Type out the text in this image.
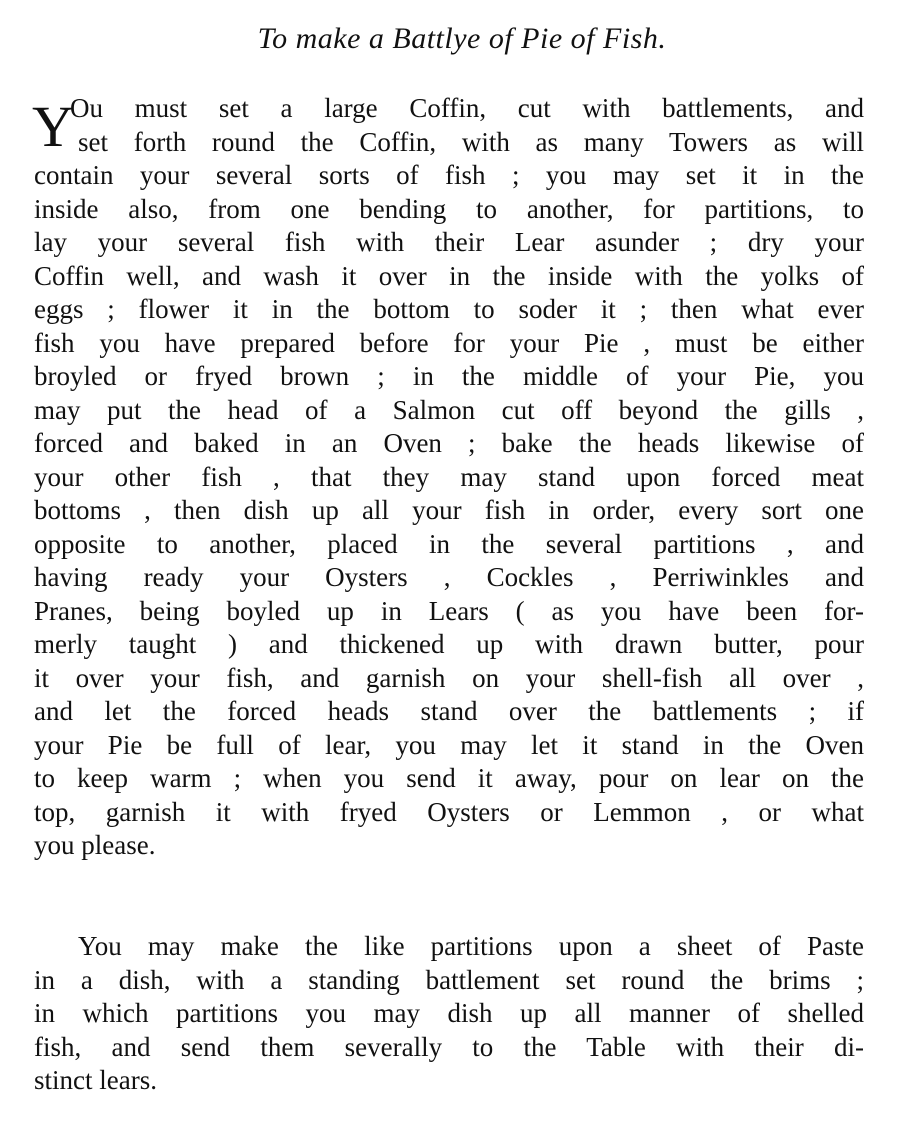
To make a Battlye of Pie of Fish.
Y
Ou must set a large Coffin, cut with battlements, and
set forth round the Coffin, with as many Towers as will
contain your several sorts of fish ; you may set it in the
inside also, from one bending to another, for partitions, to
lay your several fish with their Lear asunder ; dry your
Coffin well, and wash it over in the inside with the yolks of
eggs ; flower it in the bottom to soder it ; then what ever
fish you have prepared before for your Pie , must be either
broyled or fryed brown ; in the middle of your Pie, you
may put the head of a Salmon cut off beyond the gills ,
forced and baked in an Oven ; bake the heads likewise of
your other fish , that they may stand upon forced meat
bottoms , then dish up all your fish in order, every sort one
opposite to another, placed in the several partitions , and
having ready your Oysters , Cockles , Perriwinkles and
Pranes, being boyled up in Lears ( as you have been for-
merly taught ) and thickened up with drawn butter, pour
it over your fish, and garnish on your shell-fish all over ,
and let the forced heads stand over the battlements ; if
your Pie be full of lear, you may let it stand in the Oven
to keep warm ; when you send it away, pour on lear on the
top, garnish it with fryed Oysters or Lemmon , or what
you please.
You may make the like partitions upon a sheet of Paste
in a dish, with a standing battlement set round the brims ;
in which partitions you may dish up all manner of shelled
fish, and send them severally to the Table with their di-
stinct lears.
